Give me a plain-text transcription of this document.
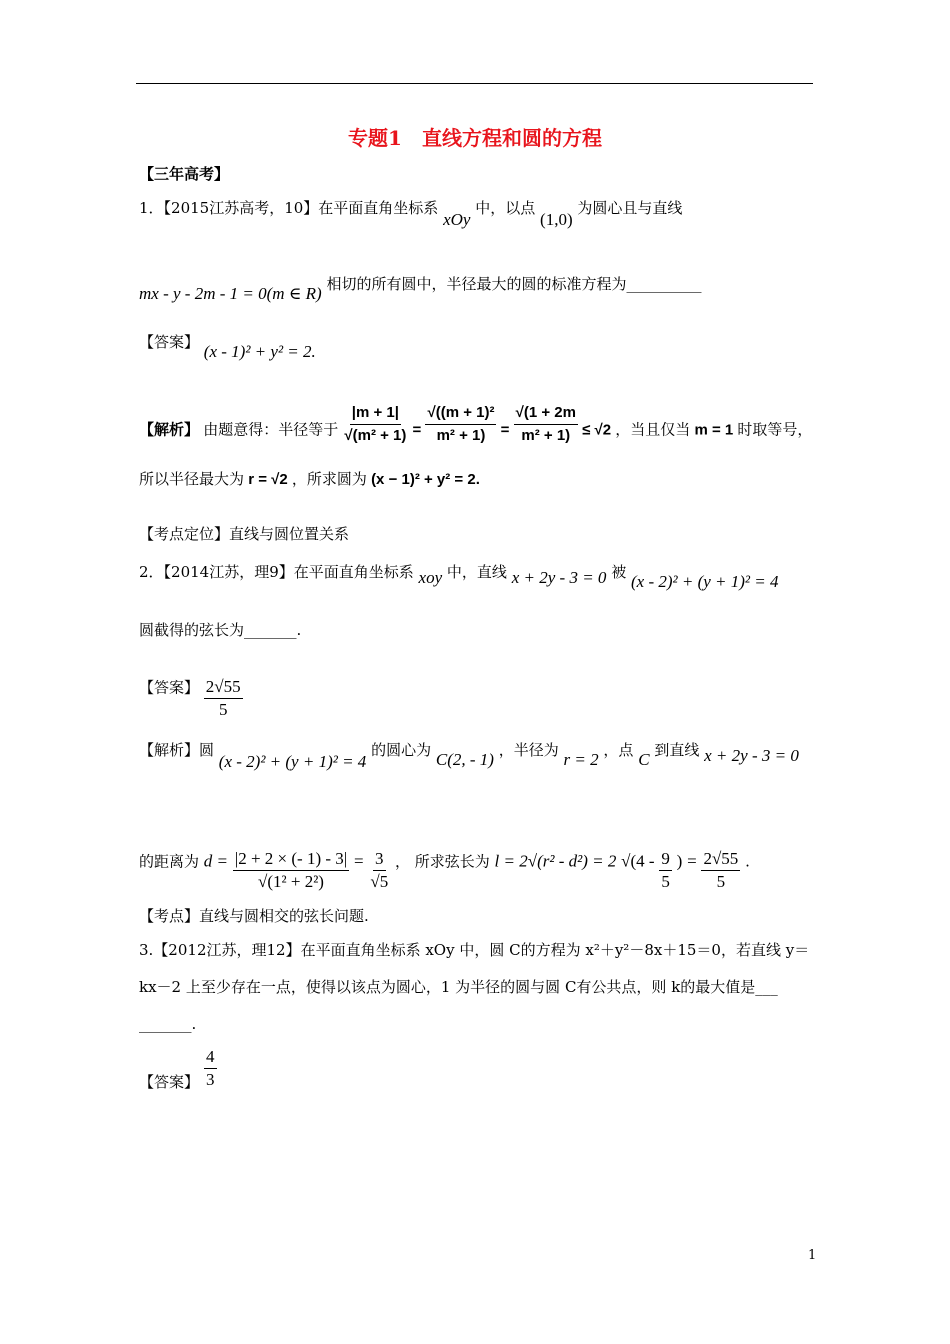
专题1　直线方程和圆的方程
【三年高考】
1．【2015江苏高考，10】在平面直角坐标系 xOy 中，以点 (1,0) 为圆心且与直线
mx - y - 2m - 1 = 0(m ∈ R) 相切的所有圆中，半径最大的圆的标准方程为__________
【答案】 (x - 1)² + y² = 2.
【解析】 由题意得：半径等于 $\frac{|m + 1|}{\text{√(m² + 1)}} = \frac{\text{√((m + 1)²}}{\text{m² + 1)}} = \frac{√(1 + 2m}{\text{m² + 1)}} \le √2$ ，当且仅当 m = 1 时取等号，
所以半径最大为 r = √2 ，所求圆为 (x − 1)² + y² = 2.
【考点定位】直线与圆位置关系
2．【2014江苏，理9】在平面直角坐标系 xoy 中，直线 x + 2y - 3 = 0 被 (x - 2)² + (y + 1)² = 4
圆截得的弦长为_______.
【答案】 $\frac{2√55}{5}$
【解析】圆 (x - 2)² + (y + 1)² = 4 的圆心为 C(2, - 1) ，半径为 r = 2 ，点 C 到直线 x + 2y - 3 = 0
的距离为 $d = \frac{|2 + 2 \times (- 1) - 3|}{\text{√(1² + 2²)}} = \frac{3}{√5}$ ， 所求弦长为 l = 2√(r² - d²) = 2 $√(4 - \frac{9}{5}$ ) = $\frac{2√55}{5}$ .
【考点】直线与圆相交的弦长问题.
3.【2012江苏，理12】在平面直角坐标系 xOy 中，圆 C的方程为 x²＋y²－8x＋15＝0，若直线 y＝
kx－2 上至少存在一点，使得以该点为圆心，1 为半径的圆与圆 C有公共点，则 k的最大值是___
_______.
【答案】 $\frac{4}{3}$
1
